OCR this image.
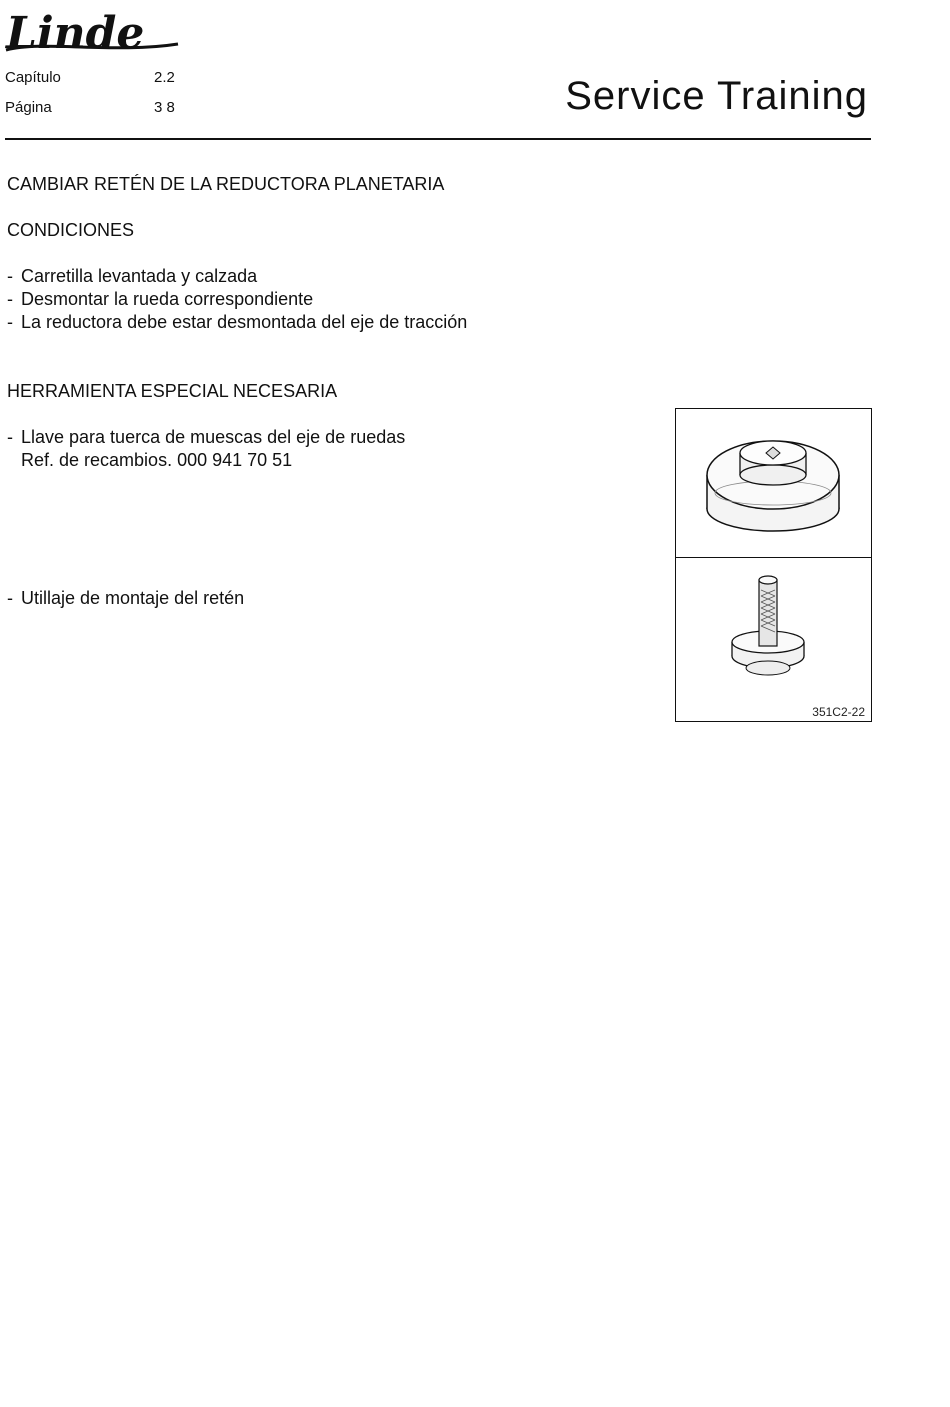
Linde
Capítulo	2.2
Página	3 8	Service Training
CAMBIAR RETÉN DE LA REDUCTORA PLANETARIA
CONDICIONES
- Carretilla levantada y calzada
- Desmontar la rueda correspondiente
- La reductora debe estar desmontada del eje de tracción
HERRAMIENTA ESPECIAL NECESARIA
- Llave para tuerca de muescas del eje de ruedas
Ref. de recambios. 000 941 70 51
- Utillaje de montaje del retén
351C2-22
